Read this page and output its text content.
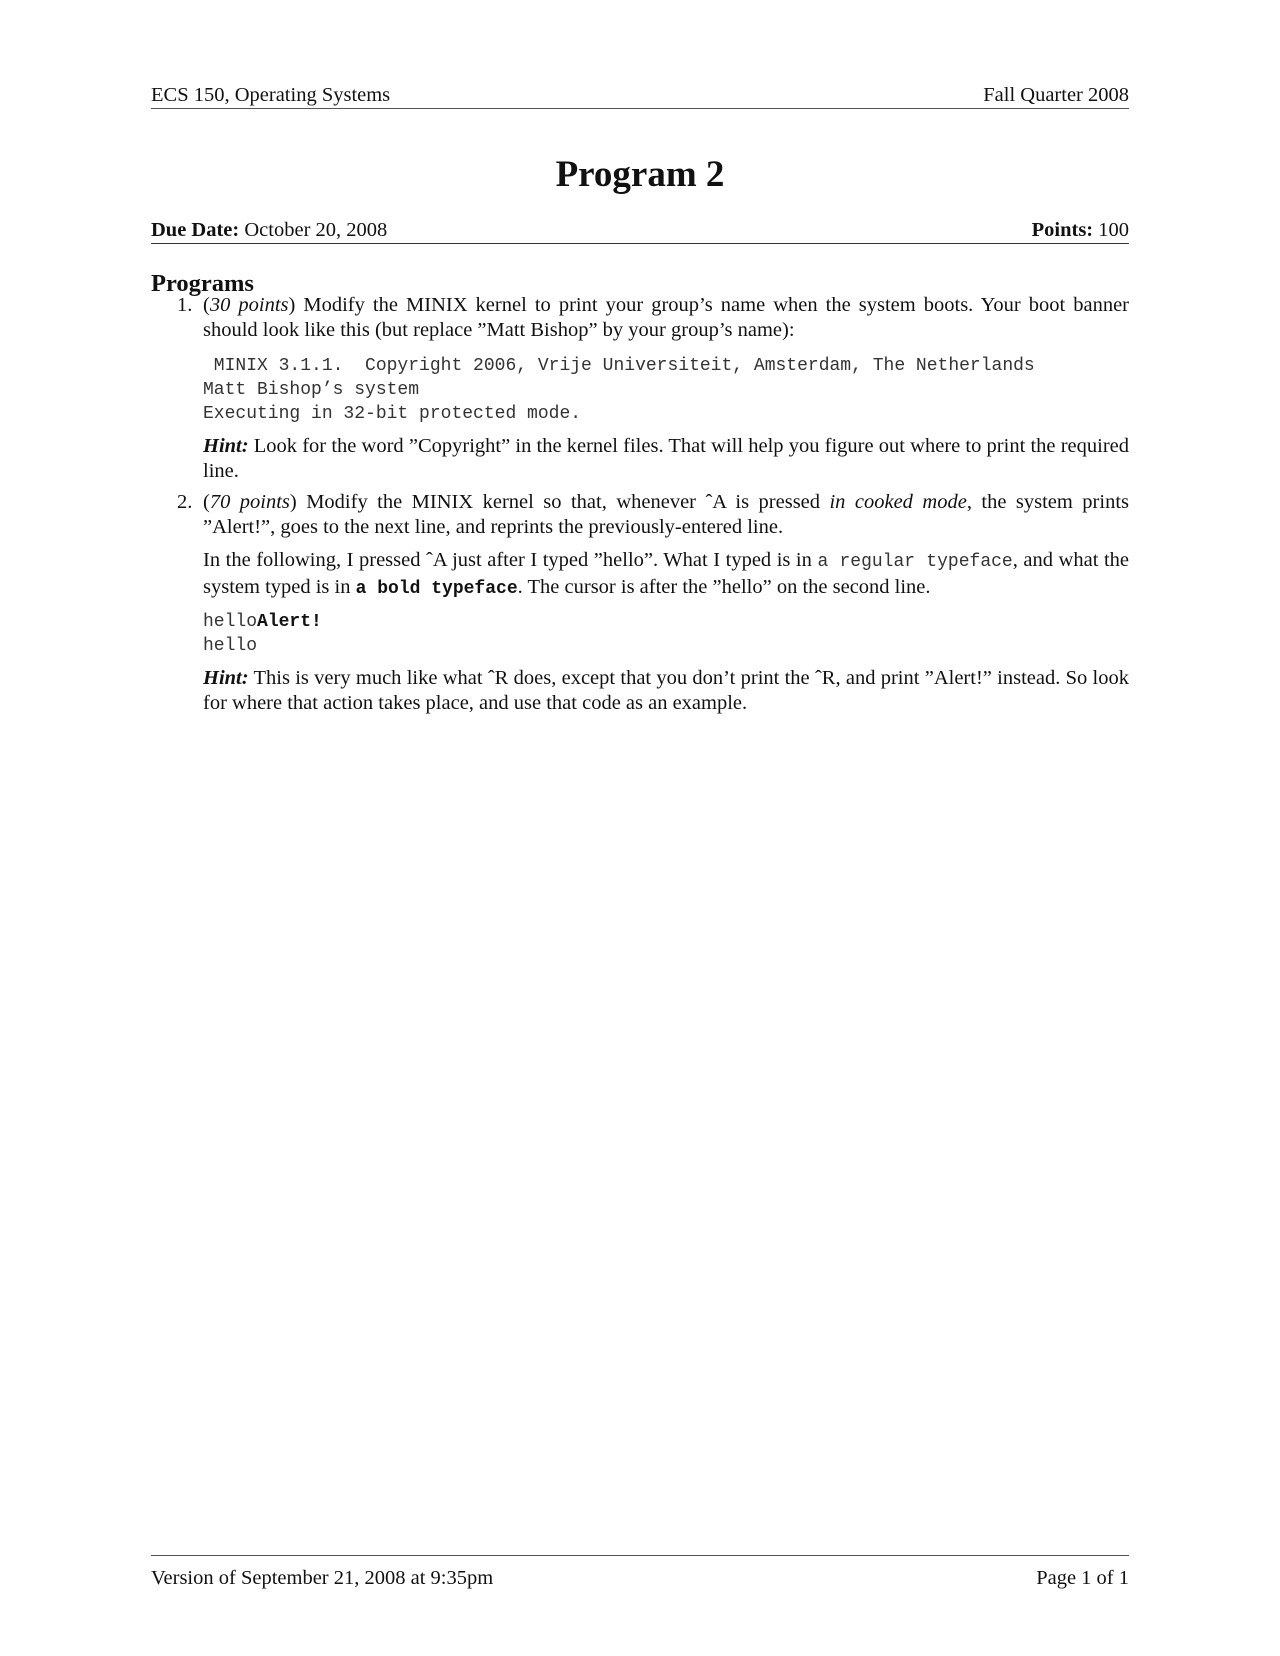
ECS 150, Operating Systems	Fall Quarter 2008
Program 2
Due Date: October 20, 2008	Points: 100
Programs
1. (30 points) Modify the MINIX kernel to print your group’s name when the system boots. Your boot banner should look like this (but replace ”Matt Bishop” by your group’s name):

MINIX 3.1.1.  Copyright 2006, Vrije Universiteit, Amsterdam, The Netherlands
Matt Bishop’s system
Executing in 32-bit protected mode.

Hint: Look for the word ”Copyright” in the kernel files. That will help you figure out where to print the required line.

2. (70 points) Modify the MINIX kernel so that, whenever ˆA is pressed in cooked mode, the system prints ”Alert!”, goes to the next line, and reprints the previously-entered line.

In the following, I pressed ˆA just after I typed ”hello”. What I typed is in a regular typeface, and what the system typed is in a bold typeface. The cursor is after the ”hello” on the second line.

helloAlert!
hello

Hint: This is very much like what ˆR does, except that you don’t print the ˆR, and print ”Alert!” instead. So look for where that action takes place, and use that code as an example.

Version of September 21, 2008 at 9:35pm	Page 1 of 1
